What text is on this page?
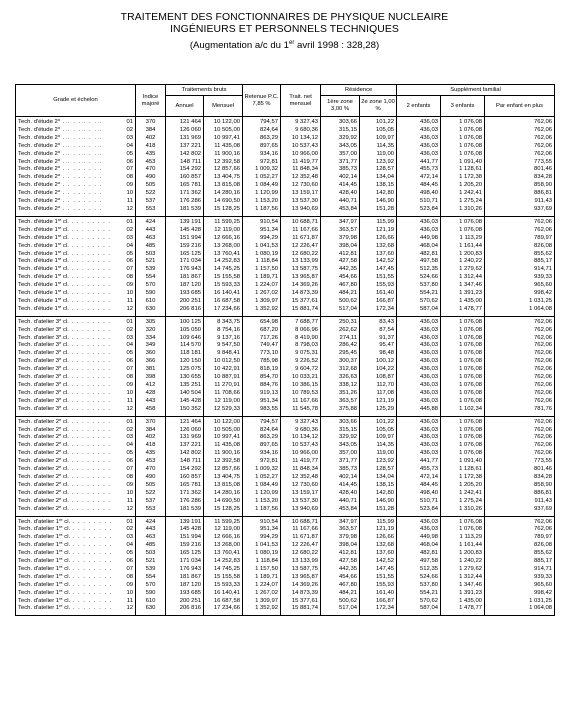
TRAITEMENT DES FONCTIONNAIRES DE PHYSIQUE NUCLEAIRE
INGÉNIEURS ET PERSONNELS TECHNIQUES
(Augmentation a/c du 1er avril 1998 : 328,28)
Grade et échelon		Indice majoré	Traitements bruts		Retenue P.C. 7,85 %	Trait. net mensuel	Résidence		Supplément familial		
			Annuel	Mensuel			1ère zone 3,00 %	2e zone 1,00 %	2 enfants	3 enfants	Par enfant en plus

Tech. d'étude 2$^d$ . . . . . . . .	01	370	121 464	10 122,00	794,57	9 327,43	303,66	101,22	436,03	1 076,08	762,06
Tech. d'étude 2$^d$ . . . . . . . .	02	384	126 060	10 505,00	824,64	9 680,36	315,15	105,05	436,03	1 076,08	762,06
Tech. d'étude 2$^d$ . . . . . . . .	03	402	131 969	10 997,41	863,29	10 134,12	329,92	109,97	436,03	1 076,08	762,06
Tech. d'étude 2$^d$ . . . . . . . .	04	418	137 221	11 435,08	897,65	10 537,43	343,05	114,35	436,03	1 076,08	762,06
Tech. d'étude 2$^d$ . . . . . . . .	05	435	142 802	11 900,16	934,16	10 966,00	357,00	119,00	436,03	1 076,08	762,06
Tech. d'étude 2$^d$ . . . . . . . .	06	453	148 711	12 392,58	972,81	11 419,77	371,77	123,92	441,77	1 091,40	773,55
Tech. d'étude 2$^d$ . . . . . . . .	07	470	154 292	12 857,66	1 009,32	11 848,34	385,73	128,57	455,73	1 128,61	801,46
Tech. d'étude 2$^d$ . . . . . . . .	08	490	160 857	13 404,75	1 052,27	12 352,48	402,14	134,04	472,14	1 172,38	834,28
Tech. d'étude 2$^d$ . . . . . . . .	09	505	165 781	13 815,08	1 084,49	12 730,60	414,45	138,15	484,45	1 205,20	858,90
Tech. d'étude 2$^d$ . . . . . . . .	10	522	171 362	14 280,16	1 120,99	13 159,17	428,40	142,80	498,40	1 242,41	886,81
Tech. d'étude 2$^d$ . . . . . . . .	11	537	176 286	14 690,50	1 153,20	13 537,30	440,71	146,90	510,71	1 275,24	911,43
Tech. d'étude 2$^d$ . . . . . . . .	12	553	181 539	15 128,25	1 187,56	13 940,69	453,84	151,28	523,84	1 310,26	937,69

Tech. d'étude 1re cl. . . . . . . . .	01	424	139 191	11 599,25	910,54	10 688,71	347,97	115,99	436,03	1 076,08	762,06
Tech. d'étude 1re cl. . . . . . . . .	02	443	145 428	12 119,00	951,34	11 167,66	363,57	121,19	436,03	1 076,08	762,06
Tech. d'étude 1re cl. . . . . . . . .	03	463	151 994	12 666,16	994,29	11 671,87	379,98	126,66	449,98	1 113,29	789,97
Tech. d'étude 1re cl. . . . . . . . .	04	485	159 216	13 268,00	1 041,53	12 226,47	398,04	132,68	468,04	1 161,44	826,08
Tech. d'étude 1re cl. . . . . . . . .	05	503	165 125	13 760,41	1 080,19	12 680,22	412,81	137,60	482,81	1 200,83	855,62
Tech. d'étude 1re cl. . . . . . . . .	06	521	171 034	14 252,83	1 118,84	13 133,99	427,58	142,52	497,58	1 240,22	885,17
Tech. d'étude 1re cl. . . . . . . . .	07	539	176 943	14 745,25	1 157,50	13 587,75	442,35	147,45	512,35	1 279,62	914,71
Tech. d'étude 1re cl. . . . . . . . .	08	554	181 867	15 155,58	1 189,71	13 965,87	454,66	151,55	524,66	1 312,44	939,33
Tech. d'étude 1re cl. . . . . . . . .	09	570	187 120	15 593,33	1 224,07	14 369,26	467,80	155,93	537,80	1 347,46	965,60
Tech. d'étude 1re cl. . . . . . . . .	10	590	193 685	16 140,41	1 267,02	14 873,39	484,21	161,40	554,21	1 391,23	998,42
Tech. d'étude 1re cl. . . . . . . . .	11	610	200 251	16 687,58	1 309,97	15 377,61	500,62	166,87	570,62	1 435,00	1 031,25
Tech. d'étude 1re cl. . . . . . . . .	12	630	206 816	17 234,66	1 352,92	15 881,74	517,04	172,34	587,04	1 478,77	1 064,08

Tech. d'atelier 3e cl. . . . . . . . .	01	305	100 125	8 343,75	654,98	7 688,77	250,31	83,43	436,03	1 076,08	762,06
Tech. d'atelier 3e cl. . . . . . . . .	02	320	105 050	8 754,16	687,20	8 066,96	262,62	87,54	436,03	1 076,08	762,06
Tech. d'atelier 3e cl. . . . . . . . .	03	334	109 646	9 137,16	717,26	8 419,90	274,11	91,37	436,03	1 076,08	762,06
Tech. d'atelier 3e cl. . . . . . . . .	04	349	114 570	9 547,50	749,47	8 798,03	286,42	95,47	436,03	1 076,08	762,06
Tech. d'atelier 3e cl. . . . . . . . .	05	360	118 181	9 848,41	773,10	9 075,31	295,45	98,48	436,03	1 076,08	762,06
Tech. d'atelier 3e cl. . . . . . . . .	06	366	120 150	10 012,50	785,98	9 226,52	300,37	100,12	436,03	1 076,08	762,06
Tech. d'atelier 3e cl. . . . . . . . .	07	381	125 075	10 422,91	818,19	9 604,72	312,68	104,22	436,03	1 076,08	762,06
Tech. d'atelier 3e cl. . . . . . . . .	08	398	130 655	10 887,91	854,70	10 033,21	326,63	108,87	436,03	1 076,08	762,06
Tech. d'atelier 3e cl. . . . . . . . .	09	412	135 251	11 270,91	884,76	10 386,15	338,12	112,70	436,03	1 076,08	762,06
Tech. d'atelier 3e cl. . . . . . . . .	10	428	140 504	11 708,66	919,13	10 789,53	351,26	117,08	436,03	1 076,08	762,06
Tech. d'atelier 3e cl. . . . . . . . .	11	443	145 428	12 119,00	951,34	11 167,66	363,57	121,19	436,03	1 076,08	762,06
Tech. d'atelier 3e cl. . . . . . . . .	12	458	150 352	12 529,33	983,55	11 545,78	375,88	125,29	445,88	1 102,34	781,76

Tech. d'atelier 2e cl. . . . . . . . .	01	370	121 464	10 122,00	794,57	9 327,43	303,66	101,22	436,03	1 076,08	762,06
Tech. d'atelier 2e cl. . . . . . . . .	02	384	126 060	10 505,00	824,64	9 680,36	315,15	105,05	436,03	1 076,08	762,06
Tech. d'atelier 2e cl. . . . . . . . .	03	402	131 969	10 997,41	863,29	10 134,12	329,92	109,97	436,03	1 076,08	762,06
Tech. d'atelier 2e cl. . . . . . . . .	04	418	137 221	11 435,08	897,65	10 537,43	343,05	114,35	436,03	1 076,08	762,06
Tech. d'atelier 2e cl. . . . . . . . .	05	435	142 802	11 900,16	934,16	10 966,00	357,00	119,00	436,03	1 076,08	762,06
Tech. d'atelier 2e cl. . . . . . . . .	06	453	148 711	12 392,58	972,81	11 419,77	371,77	123,92	441,77	1 091,40	773,55
Tech. d'atelier 2e cl. . . . . . . . .	07	470	154 292	12 857,66	1 009,32	11 848,34	385,73	128,57	455,73	1 128,61	801,46
Tech. d'atelier 2e cl. . . . . . . . .	08	490	160 857	13 404,75	1 052,27	12 352,48	402,14	134,04	472,14	1 172,38	834,28
Tech. d'atelier 2e cl. . . . . . . . .	09	505	165 781	13 815,08	1 084,49	12 730,60	414,45	138,15	484,45	1 205,20	858,90
Tech. d'atelier 2e cl. . . . . . . . .	10	522	171 362	14 280,16	1 120,99	13 159,17	428,40	142,80	498,40	1 242,41	886,81
Tech. d'atelier 2e cl. . . . . . . . .	11	537	176 286	14 690,50	1 153,20	13 537,30	440,71	146,90	510,71	1 275,24	911,43
Tech. d'atelier 2e cl. . . . . . . . .	12	553	181 539	15 128,25	1 187,56	13 940,69	453,84	151,28	523,84	1 310,26	937,69

Tech. d'atelier 1re cl. . . . . . . . .	01	424	139 191	11 599,25	910,54	10 688,71	347,97	115,99	436,03	1 076,08	762,06
Tech. d'atelier 1re cl. . . . . . . . .	02	443	145 428	12 119,00	951,34	11 167,66	363,57	121,19	436,03	1 076,08	762,06
Tech. d'atelier 1re cl. . . . . . . . .	03	463	151 994	12 666,16	994,29	11 671,87	379,98	126,66	449,98	1 113,29	789,97
Tech. d'atelier 1re cl. . . . . . . . .	04	485	159 216	13 268,00	1 041,53	12 226,47	398,04	132,68	468,04	1 161,44	826,08
Tech. d'atelier 1re cl. . . . . . . . .	05	503	165 125	13 760,41	1 080,19	12 680,22	412,81	137,60	482,81	1 200,83	855,62
Tech. d'atelier 1re cl. . . . . . . . .	06	521	171 034	14 252,83	1 118,84	13 133,99	427,58	142,52	497,58	1 240,22	885,17
Tech. d'atelier 1re cl. . . . . . . . .	07	539	176 943	14 745,25	1 157,50	13 587,75	442,35	147,45	512,35	1 279,62	914,71
Tech. d'atelier 1re cl. . . . . . . . .	08	554	181 867	15 155,58	1 189,71	13 965,87	454,66	151,55	524,66	1 312,44	939,33
Tech. d'atelier 1re cl. . . . . . . . .	09	570	187 120	15 593,33	1 224,07	14 369,26	467,80	155,93	537,80	1 347,46	965,60
Tech. d'atelier 1re cl. . . . . . . . .	10	590	193 685	16 140,41	1 267,02	14 873,39	484,21	161,40	554,21	1 391,23	998,42
Tech. d'atelier 1re cl. . . . . . . . .	11	610	200 251	16 687,58	1 309,97	15 377,61	500,62	166,87	570,62	1 435,00	1 031,25
Tech. d'atelier 1re cl. . . . . . . . .	12	630	206 816	17 234,66	1 352,92	15 881,74	517,04	172,34	587,04	1 478,77	1 064,08
